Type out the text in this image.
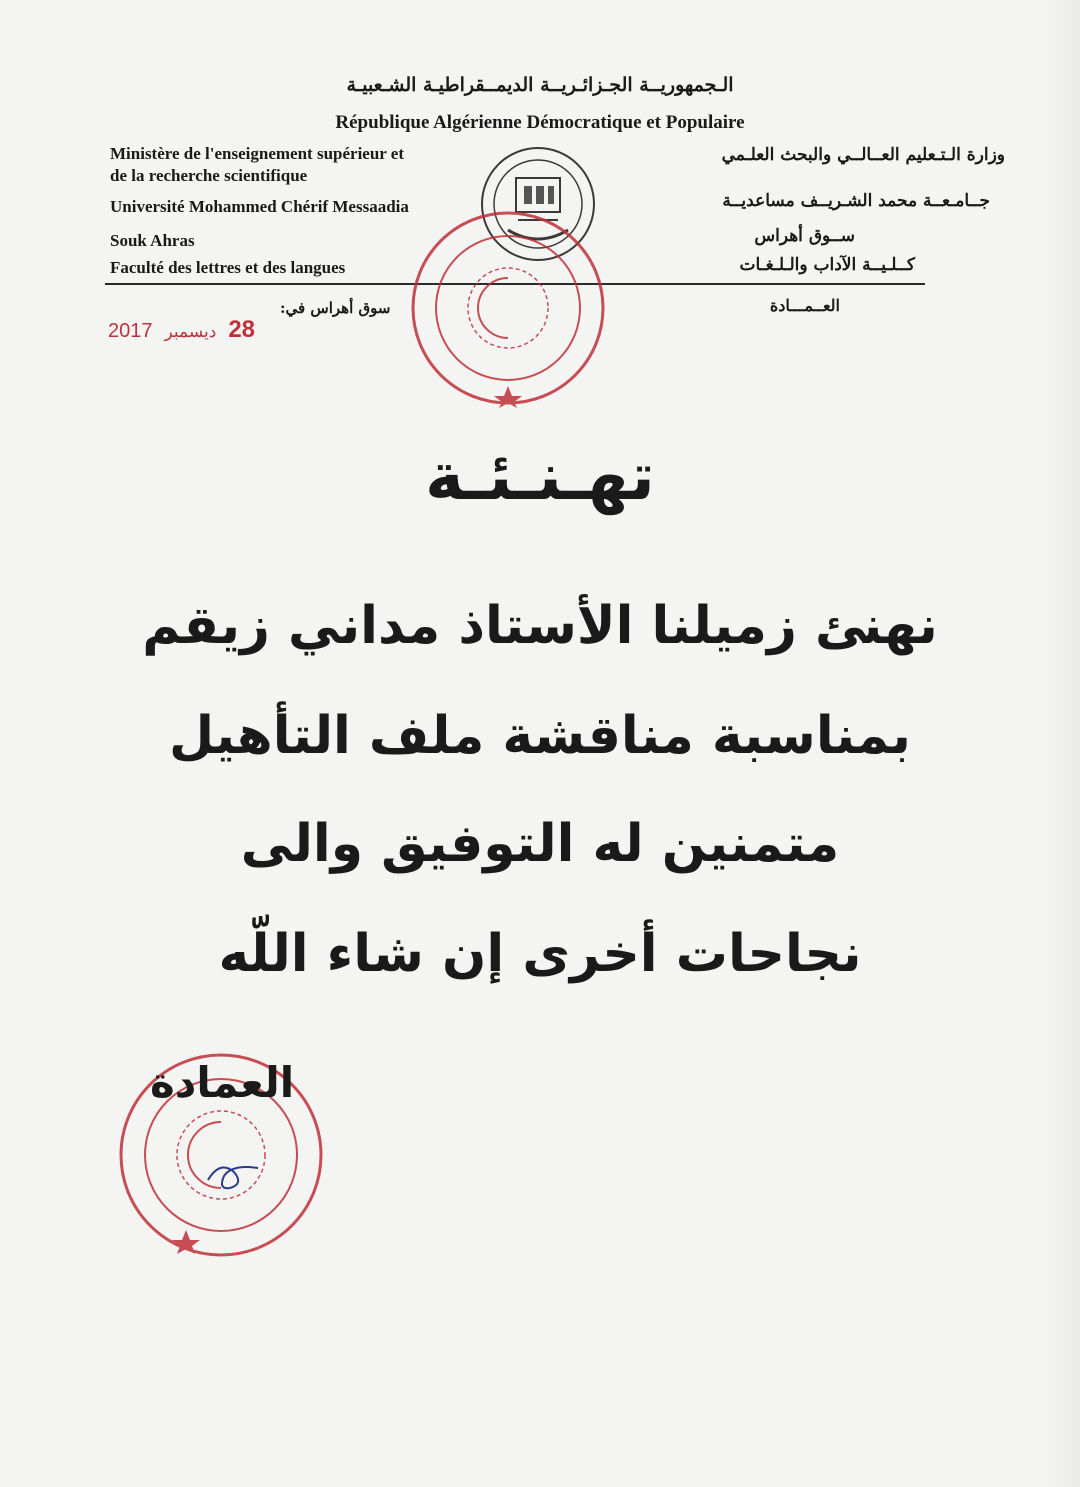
الـجمهوريــة الجـزائـريــة الديمــقراطيـة الشـعبيـة
République Algérienne Démocratique et Populaire
Ministère de l'enseignement supérieur et
de la recherche scientifique
Université Mohammed Chérif Messaadia
Souk Ahras
Faculté des lettres et des langues
وزارة الـتـعليم العــالــي والبحث العلـمي
جــامـعــة محمد الشـريــف مساعديــة
ســوق أهراس
كــلـيــة الآداب والـلـغـات
العــمـــادة
سوق أهراس في:
2017 ديسمبر 28
تهـنـئـة
نهنئ زميلنا الأستاذ مداني زيقم
بمناسبة مناقشة ملف التأهيل
متمنين له التوفيق والى
نجاحات أخرى إن شاء اللّه
العمادة
